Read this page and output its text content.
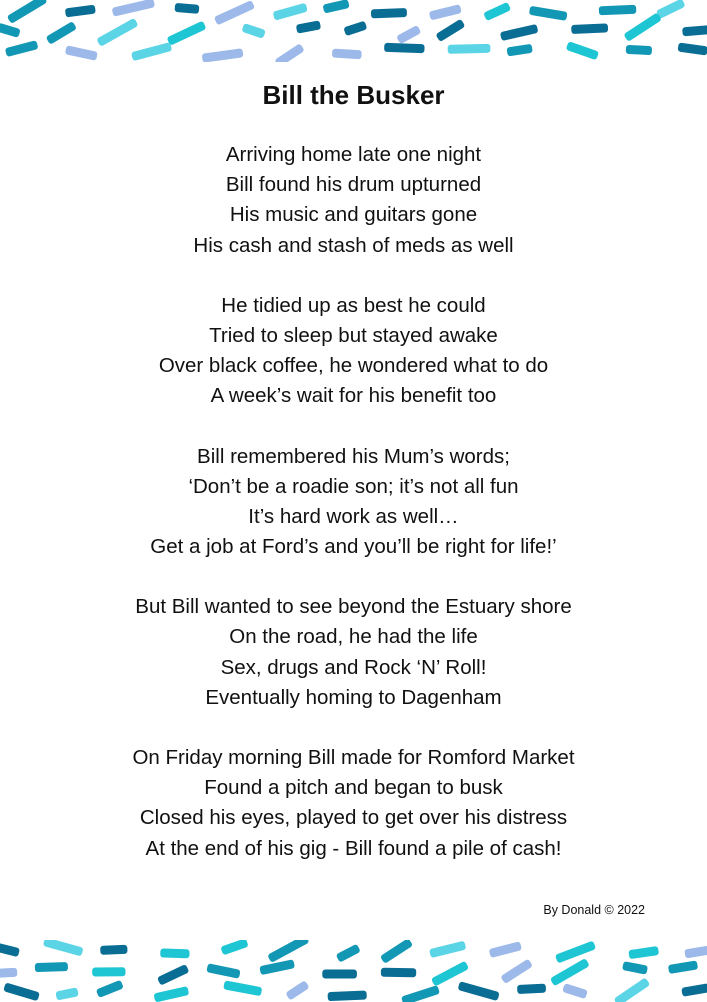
Bill the Busker

Arriving home late one night
Bill found his drum upturned
His music and guitars gone
His cash and stash of meds as well

He tidied up as best he could
Tried to sleep but stayed awake
Over black coffee, he wondered what to do
A week’s wait for his benefit too

Bill remembered his Mum’s words;
‘Don’t be a roadie son; it’s not all fun
It’s hard work as well…
Get a job at Ford’s and you’ll be right for life!’

But Bill wanted to see beyond the Estuary shore
On the road, he had the life
Sex, drugs and Rock ‘N’ Roll!
Eventually homing to Dagenham

On Friday morning Bill made for Romford Market
Found a pitch and began to busk
Closed his eyes, played to get over his distress
At the end of his gig - Bill found a pile of cash!

By Donald © 2022
